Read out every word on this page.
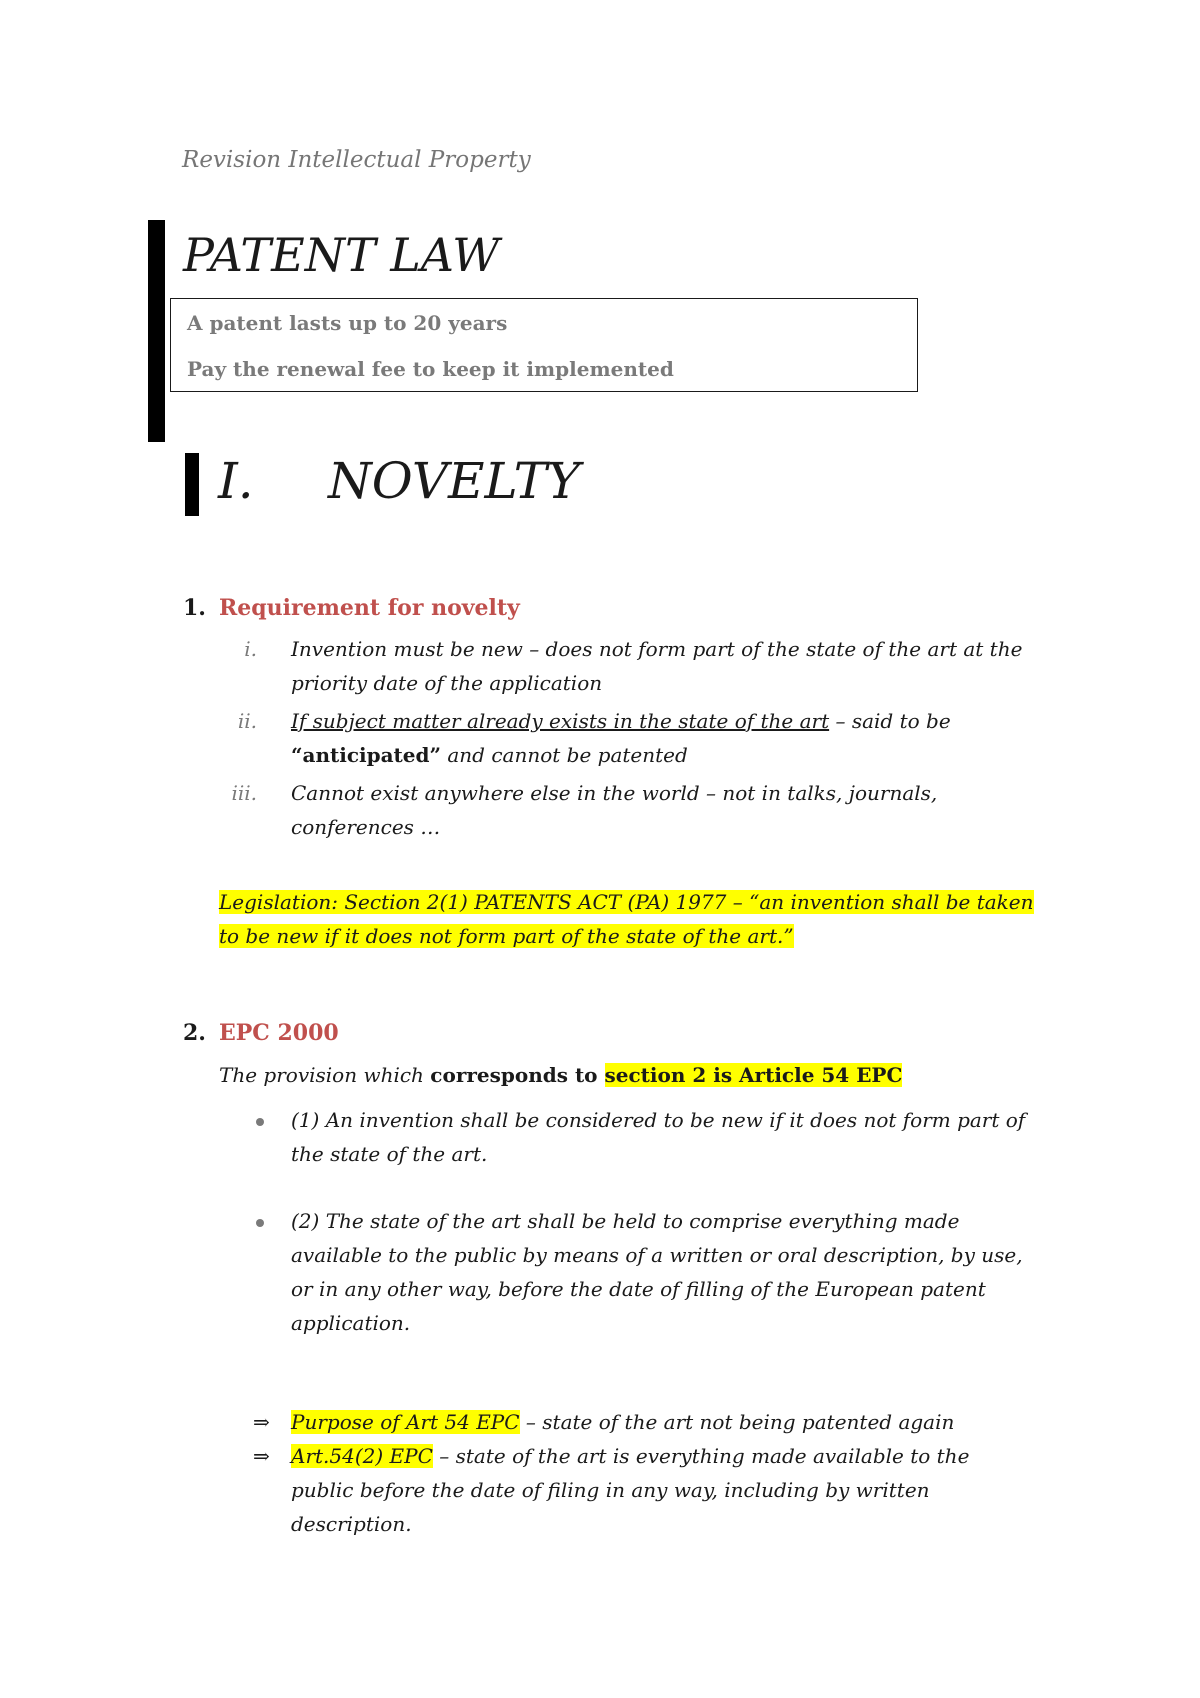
Revision Intellectual Property
PATENT LAW
A patent lasts up to 20 years
Pay the renewal fee to keep it implemented
I. NOVELTY
1. Requirement for novelty
i. Invention must be new – does not form part of the state of the art at the
priority date of the application
ii. If subject matter already exists in the state of the art – said to be
“anticipated” and cannot be patented
iii. Cannot exist anywhere else in the world – not in talks, journals,
conferences …
Legislation: Section 2(1) PATENTS ACT (PA) 1977 – “an invention shall be taken
to be new if it does not form part of the state of the art.”
2. EPC 2000
The provision which corresponds to section 2 is Article 54 EPC
(1) An invention shall be considered to be new if it does not form part of
the state of the art.
(2) The state of the art shall be held to comprise everything made
available to the public by means of a written or oral description, by use,
or in any other way, before the date of filling of the European patent
application.
⇒ Purpose of Art 54 EPC – state of the art not being patented again
⇒ Art.54(2) EPC – state of the art is everything made available to the
public before the date of filing in any way, including by written
description.
